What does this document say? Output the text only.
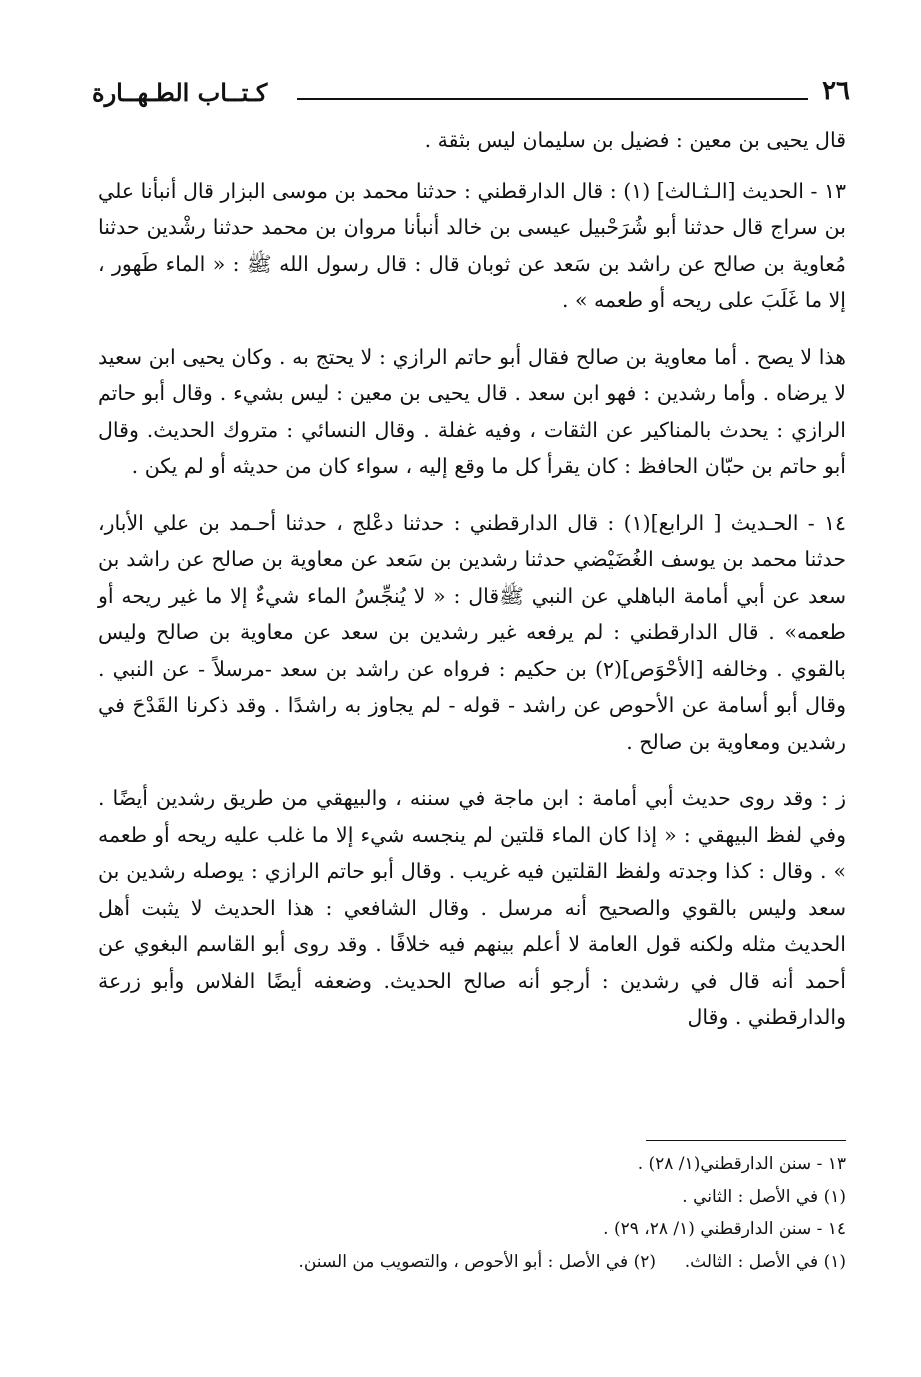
٢٦
كـتــاب الطـهــارة

قال يحيى بن معين : فضيل بن سليمان ليس بثقة .

١٣ - الحديث [الـثـالث] (١) : قال الدارقطني : حدثنا محمد بن موسى البزار قال أنبأنا علي بن سراج قال حدثنا أبو شُرَحْبيل عيسى بن خالد أنبأنا مروان بن محمد حدثنا رشْدين حدثنا مُعاوية بن صالح عن راشد بن سَعد عن ثوبان قال : قال رسول الله ﷺ : « الماء طَهور ، إلا ما غَلَبَ على ريحه أو طعمه » .

هذا لا يصح . أما معاوية بن صالح فقال أبو حاتم الرازي : لا يحتج به . وكان يحيى ابن سعيد لا يرضاه . وأما رشدين : فهو ابن سعد . قال يحيى بن معين : ليس بشيء . وقال أبو حاتم الرازي : يحدث بالمناكير عن الثقات ، وفيه غفلة . وقال النسائي : متروك الحديث. وقال أبو حاتم بن حبّان الحافظ : كان يقرأ كل ما وقع إليه ، سواء كان من حديثه أو لم يكن .

١٤ - الحـديث [ الرابع](١) : قال الدارقطني : حدثنا دعْلج ، حدثنا أحـمد بن علي الأبار، حدثنا محمد بن يوسف الغُضَيْضي حدثنا رشدين بن سَعد عن معاوية بن صالح عن راشد بن سعد عن أبي أمامة الباهلي عن النبي ﷺقال : « لا يُنجِّسُ الماء شيءٌ إلا ما غير ريحه أو طعمه» . قال الدارقطني : لم يرفعه غير رشدين بن سعد عن معاوية بن صالح وليس بالقوي . وخالفه [الأحْوَص](٢) بن حكيم : فرواه عن راشد بن سعد -مرسلاً - عن النبي . وقال أبو أسامة عن الأحوص عن راشد - قوله - لم يجاوز به راشدًا . وقد ذكرنا القَدْحَ في رشدين ومعاوية بن صالح .

ز : وقد روى حديث أبي أمامة : ابن ماجة في سننه ، والبيهقي من طريق رشدين أيضًا . وفي لفظ البيهقي : « إذا كان الماء قلتين لم ينجسه شيء إلا ما غلب عليه ريحه أو طعمه » . وقال : كذا وجدته ولفظ القلتين فيه غريب . وقال أبو حاتم الرازي : يوصله رشدين بن سعد وليس بالقوي والصحيح أنه مرسل . وقال الشافعي : هذا الحديث لا يثبت أهل الحديث مثله ولكنه قول العامة لا أعلم بينهم فيه خلافًا . وقد روى أبو القاسم البغوي عن أحمد أنه قال في رشدين : أرجو أنه صالح الحديث. وضعفه أيضًا الفلاس وأبو زرعة والدارقطني . وقال

١٣ - سنن الدارقطني(١/ ٢٨) .
(١) في الأصل : الثاني .
١٤ - سنن الدارقطني (١/ ٢٨، ٢٩) .
(١) في الأصل : الثالث.
(٢) في الأصل : أبو الأحوص ، والتصويب من السنن.
